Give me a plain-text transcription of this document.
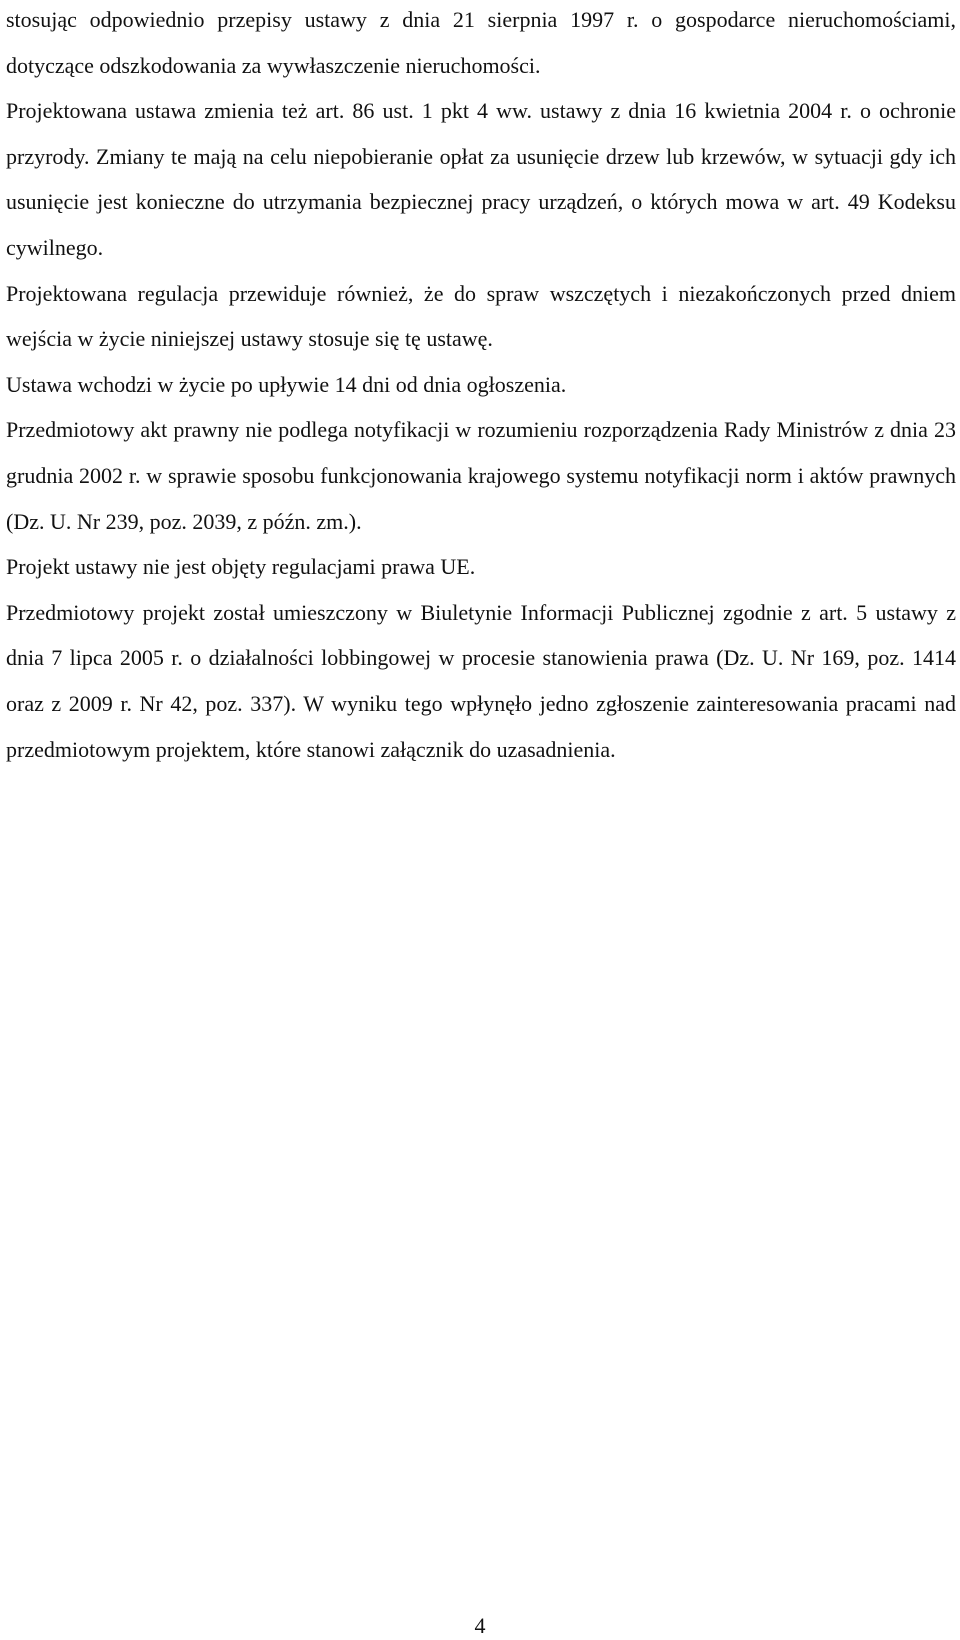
stosując odpowiednio przepisy ustawy z dnia 21 sierpnia 1997 r. o gospodarce nieruchomościami, dotyczące odszkodowania za wywłaszczenie nieruchomości.

Projektowana ustawa zmienia też art. 86 ust. 1 pkt 4 ww. ustawy z dnia 16 kwietnia 2004 r. o ochronie przyrody. Zmiany te mają na celu niepobieranie opłat za usunięcie drzew lub krzewów, w sytuacji gdy ich usunięcie jest konieczne do utrzymania bezpiecznej pracy urządzeń, o których mowa w art. 49 Kodeksu cywilnego.

Projektowana regulacja przewiduje również, że do spraw wszczętych i niezakończonych przed dniem wejścia w życie niniejszej ustawy stosuje się tę ustawę.

Ustawa wchodzi w życie po upływie 14 dni od dnia ogłoszenia.

Przedmiotowy akt prawny nie podlega notyfikacji w rozumieniu rozporządzenia Rady Ministrów z dnia 23 grudnia 2002 r. w sprawie sposobu funkcjonowania krajowego systemu notyfikacji norm i aktów prawnych (Dz. U. Nr 239, poz. 2039, z późn. zm.).

Projekt ustawy nie jest objęty regulacjami prawa UE.

Przedmiotowy projekt został umieszczony w Biuletynie Informacji Publicznej zgodnie z art. 5 ustawy z dnia 7 lipca 2005 r. o działalności lobbingowej w procesie stanowienia prawa (Dz. U. Nr 169, poz. 1414 oraz z 2009 r. Nr 42, poz. 337). W wyniku tego wpłynęło jedno zgłoszenie zainteresowania pracami nad przedmiotowym projektem, które stanowi załącznik do uzasadnienia.

4
